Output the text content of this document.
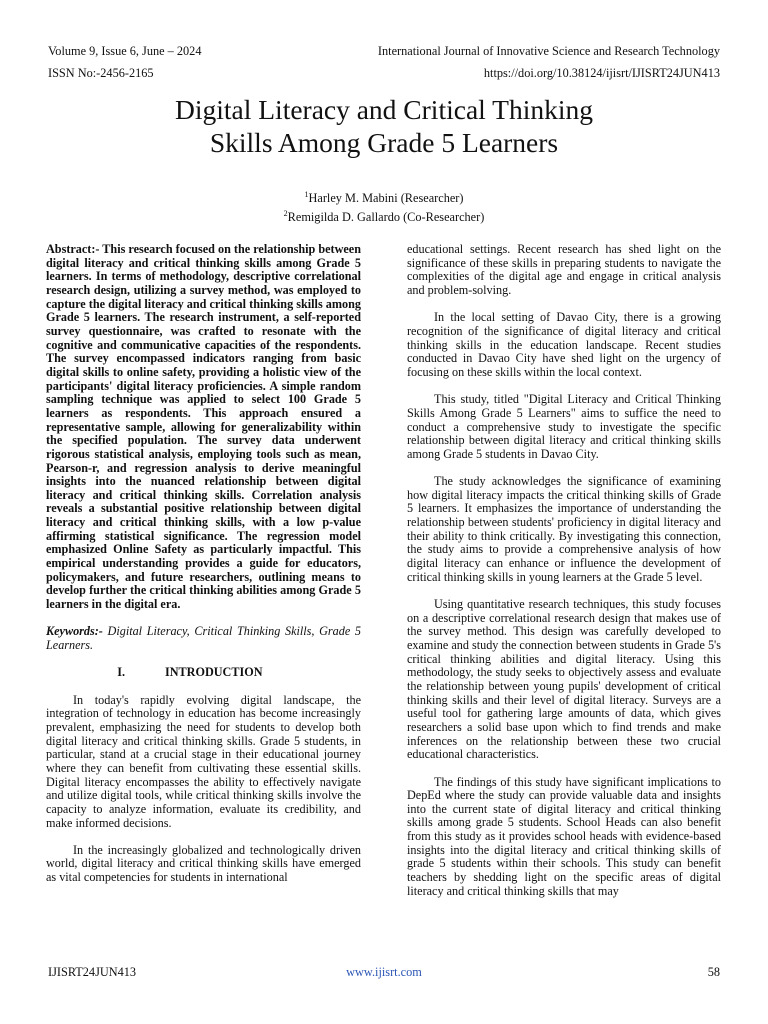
Volume 9, Issue 6, June – 2024	International Journal of Innovative Science and Research Technology
ISSN No:-2456-2165	https://doi.org/10.38124/ijisrt/IJISRT24JUN413
Digital Literacy and Critical Thinking
Skills Among Grade 5 Learners
$^1$Harley M. Mabini (Researcher)
$^2$Remigilda D. Gallardo (Co-Researcher)

Abstract:- This research focused on the relationship between digital literacy and critical thinking skills among Grade 5 learners. In terms of methodology, descriptive correlational research design, utilizing a survey method, was employed to capture the digital literacy and critical thinking skills among Grade 5 learners. The research instrument, a self-reported survey questionnaire, was crafted to resonate with the cognitive and communicative capacities of the respondents. The survey encompassed indicators ranging from basic digital skills to online safety, providing a holistic view of the participants' digital literacy proficiencies. A simple random sampling technique was applied to select 100 Grade 5 learners as respondents. This approach ensured a representative sample, allowing for generalizability within the specified population. The survey data underwent rigorous statistical analysis, employing tools such as mean, Pearson-r, and regression analysis to derive meaningful insights into the nuanced relationship between digital literacy and critical thinking skills. Correlation analysis reveals a substantial positive relationship between digital literacy and critical thinking skills, with a low p-value affirming statistical significance. The regression model emphasized Online Safety as particularly impactful. This empirical understanding provides a guide for educators, policymakers, and future researchers, outlining means to develop further the critical thinking abilities among Grade 5 learners in the digital era.

Keywords:- Digital Literacy, Critical Thinking Skills, Grade 5 Learners.

I.	INTRODUCTION

In today's rapidly evolving digital landscape, the integration of technology in education has become increasingly prevalent, emphasizing the need for students to develop both digital literacy and critical thinking skills. Grade 5 students, in particular, stand at a crucial stage in their educational journey where they can benefit from cultivating these essential skills. Digital literacy encompasses the ability to effectively navigate and utilize digital tools, while critical thinking skills involve the capacity to analyze information, evaluate its credibility, and make informed decisions.

In the increasingly globalized and technologically driven world, digital literacy and critical thinking skills have emerged as vital competencies for students in international

educational settings. Recent research has shed light on the significance of these skills in preparing students to navigate the complexities of the digital age and engage in critical analysis and problem-solving.

In the local setting of Davao City, there is a growing recognition of the significance of digital literacy and critical thinking skills in the education landscape. Recent studies conducted in Davao City have shed light on the urgency of focusing on these skills within the local context.

This study, titled "Digital Literacy and Critical Thinking Skills Among Grade 5 Learners" aims to suffice the need to conduct a comprehensive study to investigate the specific relationship between digital literacy and critical thinking skills among Grade 5 students in Davao City.

The study acknowledges the significance of examining how digital literacy impacts the critical thinking skills of Grade 5 learners. It emphasizes the importance of understanding the relationship between students' proficiency in digital literacy and their ability to think critically. By investigating this connection, the study aims to provide a comprehensive analysis of how digital literacy can enhance or influence the development of critical thinking skills in young learners at the Grade 5 level.

Using quantitative research techniques, this study focuses on a descriptive correlational research design that makes use of the survey method. This design was carefully developed to examine and study the connection between students in Grade 5's critical thinking abilities and digital literacy. Using this methodology, the study seeks to objectively assess and evaluate the relationship between young pupils' development of critical thinking skills and their level of digital literacy. Surveys are a useful tool for gathering large amounts of data, which gives researchers a solid base upon which to find trends and make inferences on the relationship between these two crucial educational characteristics.

The findings of this study have significant implications to DepEd where the study can provide valuable data and insights into the current state of digital literacy and critical thinking skills among grade 5 students. School Heads can also benefit from this study as it provides school heads with evidence-based insights into the digital literacy and critical thinking skills of grade 5 students within their schools. This study can benefit teachers by shedding light on the specific areas of digital literacy and critical thinking skills that may

IJISRT24JUN413	www.ijisrt.com	58
